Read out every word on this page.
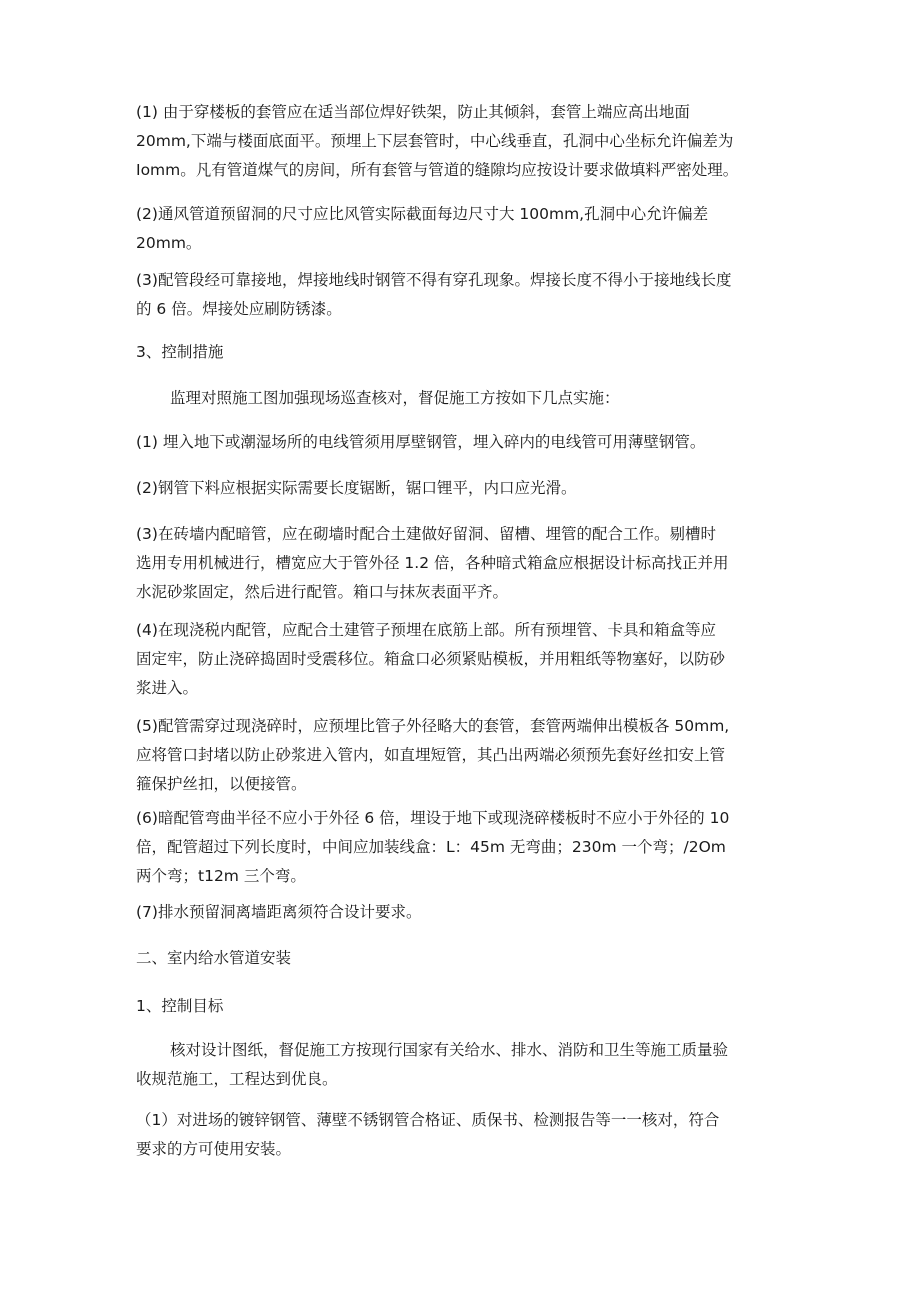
(1) 由于穿楼板的套管应在适当部位焊好铁架，防止其倾斜，套管上端应高出地面
20mm,下端与楼面底面平。预埋上下层套管时，中心线垂直，孔洞中心坐标允许偏差为
Iomm。凡有管道煤气的房间，所有套管与管道的缝隙均应按设计要求做填料严密处理。

(2)通风管道预留洞的尺寸应比风管实际截面每边尺寸大 100mm,孔洞中心允许偏差
20mm。

(3)配管段经可靠接地，焊接地线时钢管不得有穿孔现象。焊接长度不得小于接地线长度
的 6 倍。焊接处应刷防锈漆。

3、控制措施

监理对照施工图加强现场巡查核对，督促施工方按如下几点实施：

(1) 埋入地下或潮湿场所的电线管须用厚壁钢管，埋入碎内的电线管可用薄壁钢管。

(2)钢管下料应根据实际需要长度锯断，锯口锂平，内口应光滑。

(3)在砖墙内配暗管，应在砌墙时配合土建做好留洞、留槽、埋管的配合工作。剔槽时
选用专用机械进行，槽宽应大于管外径 1.2 倍，各种暗式箱盒应根据设计标高找正并用
水泥砂浆固定，然后进行配管。箱口与抹灰表面平齐。

(4)在现浇税内配管，应配合土建管子预埋在底筋上部。所有预埋管、卡具和箱盒等应
固定牢，防止浇碎捣固时受震移位。箱盒口必须紧贴模板，并用粗纸等物塞好，以防砂
浆进入。

(5)配管需穿过现浇碎时，应预埋比管子外径略大的套管，套管两端伸出模板各 50mm,
应将管口封堵以防止砂浆进入管内，如直埋短管，其凸出两端必须预先套好丝扣安上管
箍保护丝扣，以便接管。

(6)暗配管弯曲半径不应小于外径 6 倍，埋设于地下或现浇碎楼板时不应小于外径的 10
倍，配管超过下列长度时，中间应加装线盒：L：45m 无弯曲；230m 一个弯；/2Om
两个弯；t12m 三个弯。

(7)排水预留洞离墙距离须符合设计要求。

二、室内给水管道安装

1、控制目标

核对设计图纸，督促施工方按现行国家有关给水、排水、消防和卫生等施工质量验
收规范施工，工程达到优良。

（1）对进场的镀锌钢管、薄壁不锈钢管合格证、质保书、检测报告等一一核对，符合
要求的方可使用安装。
